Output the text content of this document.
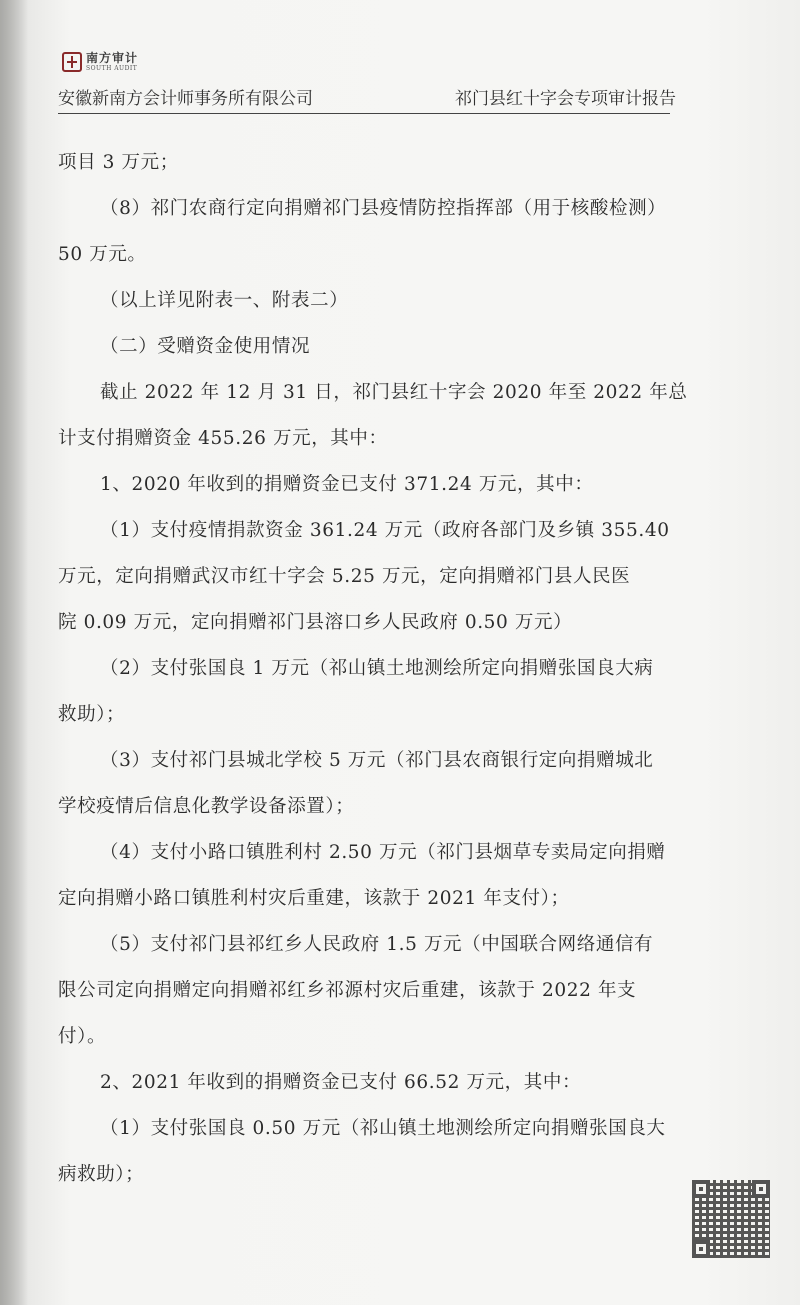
南方审计
SOUTH AUDIT
安徽新南方会计师事务所有限公司	祁门县红十字会专项审计报告
项目 3 万元；
（8）祁门农商行定向捐赠祁门县疫情防控指挥部（用于核酸检测）
50 万元。
（以上详见附表一、附表二）
（二）受赠资金使用情况
截止 2022 年 12 月 31 日，祁门县红十字会 2020 年至 2022 年总
计支付捐赠资金 455.26 万元，其中：
1、2020 年收到的捐赠资金已支付 371.24 万元，其中：
（1）支付疫情捐款资金 361.24 万元（政府各部门及乡镇 355.40
万元，定向捐赠武汉市红十字会 5.25 万元，定向捐赠祁门县人民医
院 0.09 万元，定向捐赠祁门县溶口乡人民政府 0.50 万元）
（2）支付张国良 1 万元（祁山镇土地测绘所定向捐赠张国良大病
救助）；
（3）支付祁门县城北学校 5 万元（祁门县农商银行定向捐赠城北
学校疫情后信息化教学设备添置）；
（4）支付小路口镇胜利村 2.50 万元（祁门县烟草专卖局定向捐赠
定向捐赠小路口镇胜利村灾后重建，该款于 2021 年支付）；
（5）支付祁门县祁红乡人民政府 1.5 万元（中国联合网络通信有
限公司定向捐赠定向捐赠祁红乡祁源村灾后重建，该款于 2022 年支
付）。
2、2021 年收到的捐赠资金已支付 66.52 万元，其中：
（1）支付张国良 0.50 万元（祁山镇土地测绘所定向捐赠张国良大
病救助）；
